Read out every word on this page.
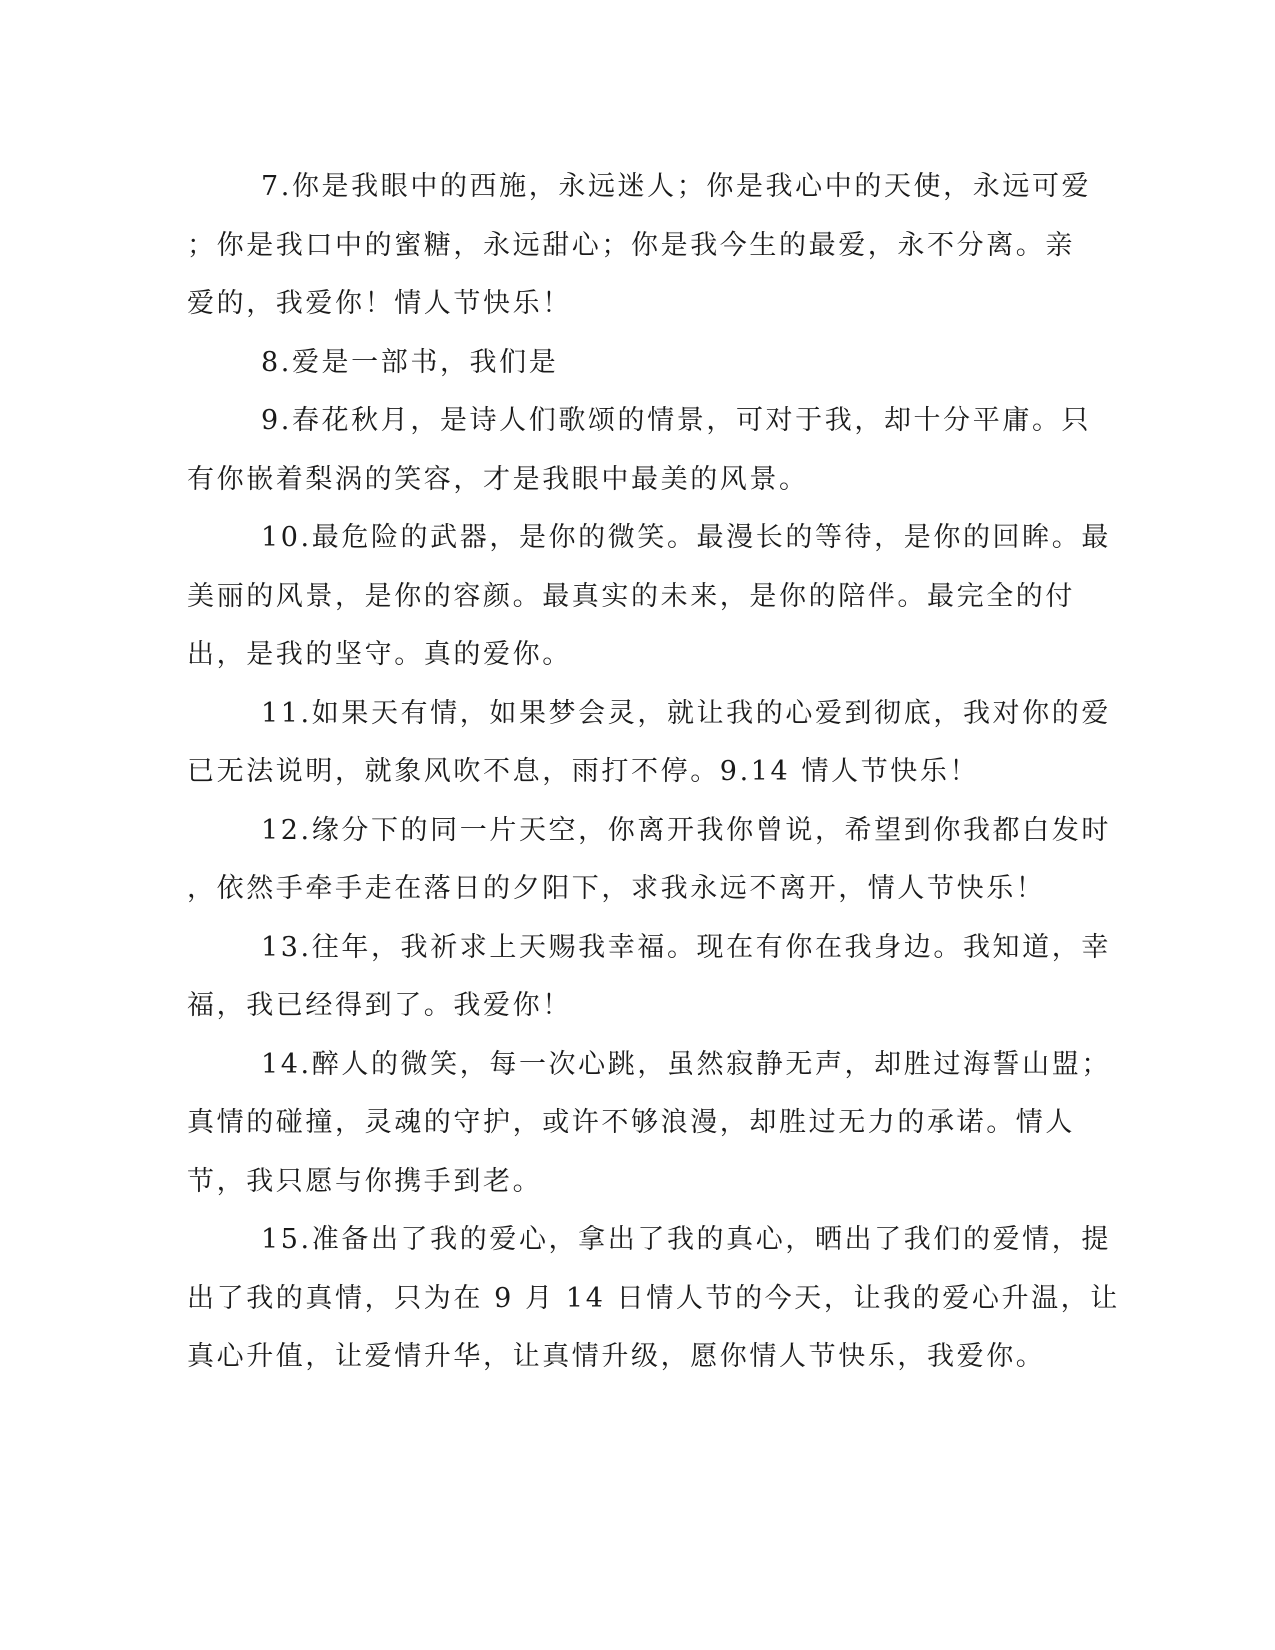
7.你是我眼中的西施，永远迷人；你是我心中的天使，永远可爱
；你是我口中的蜜糖，永远甜心；你是我今生的最爱，永不分离。亲
爱的，我爱你！情人节快乐！
8.爱是一部书，我们是
9.春花秋月，是诗人们歌颂的情景，可对于我，却十分平庸。只
有你嵌着梨涡的笑容，才是我眼中最美的风景。
10.最危险的武器，是你的微笑。最漫长的等待，是你的回眸。最
美丽的风景，是你的容颜。最真实的未来，是你的陪伴。最完全的付
出，是我的坚守。真的爱你。
11.如果天有情，如果梦会灵，就让我的心爱到彻底，我对你的爱
已无法说明，就象风吹不息，雨打不停。9.14 情人节快乐！
12.缘分下的同一片天空，你离开我你曾说，希望到你我都白发时
，依然手牵手走在落日的夕阳下，求我永远不离开，情人节快乐！
13.往年，我祈求上天赐我幸福。现在有你在我身边。我知道，幸
福，我已经得到了。我爱你！
14.醉人的微笑，每一次心跳，虽然寂静无声，却胜过海誓山盟；
真情的碰撞，灵魂的守护，或许不够浪漫，却胜过无力的承诺。情人
节，我只愿与你携手到老。
15.准备出了我的爱心，拿出了我的真心，晒出了我们的爱情，提
出了我的真情，只为在 9 月 14 日情人节的今天，让我的爱心升温，让
真心升值，让爱情升华，让真情升级，愿你情人节快乐，我爱你。
